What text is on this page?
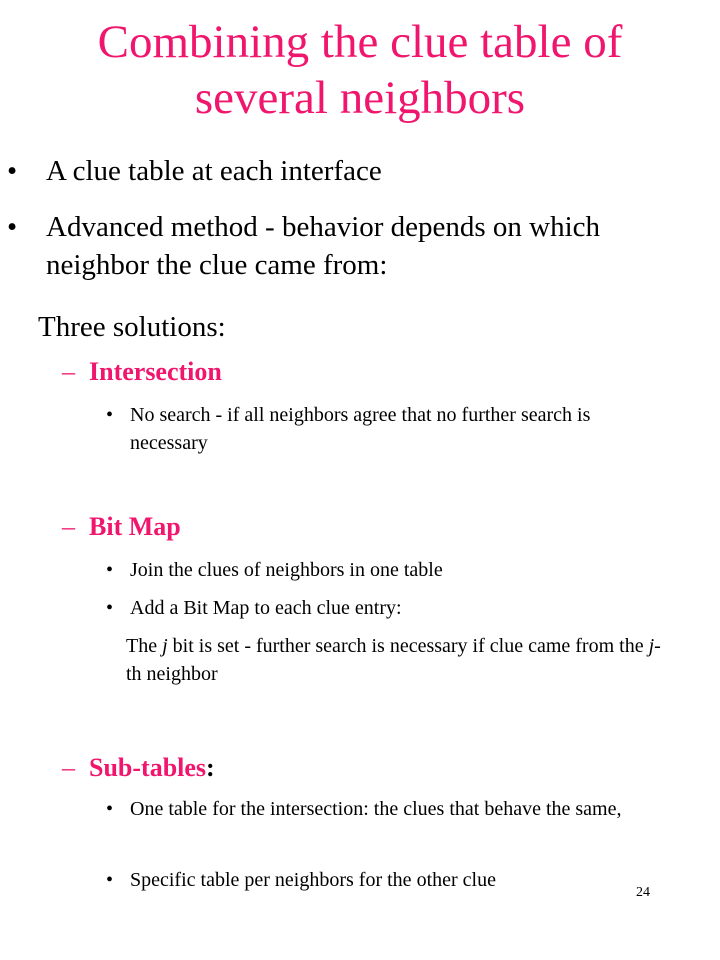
Combining the clue table of
several neighbors
• A clue table at each interface
• Advanced method - behavior depends on which neighbor the clue came from:
Three solutions:
– Intersection
• No search - if all neighbors agree that no further search is necessary
– Bit Map
• Join the clues of neighbors in one table
• Add a Bit Map to each clue entry:
The j bit is set - further search is necessary if clue came from the j-th neighbor
– Sub-tables:
• One table for the intersection: the clues that behave the same,
• Specific table per neighbors for the other clue
24
